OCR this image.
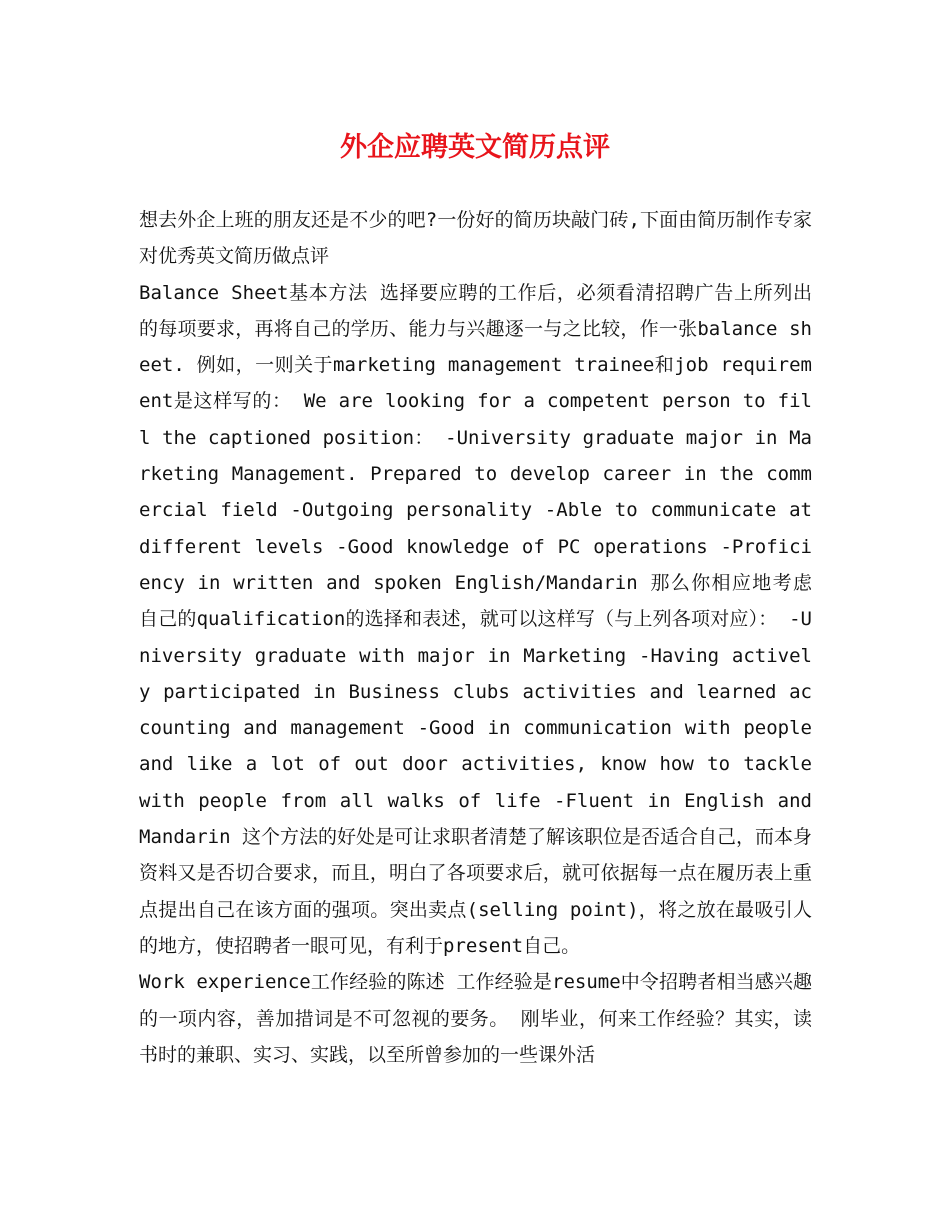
外企应聘英文简历点评

想去外企上班的朋友还是不少的吧?一份好的简历块敲门砖,下面由简历制作专家对优秀英文简历做点评

Balance Sheet基本方法 选择要应聘的工作后，必须看清招聘广告上所列出的每项要求，再将自己的学历、能力与兴趣逐一与之比较，作一张balance sheet. 例如，一则关于marketing management trainee和job requirement是这样写的： We are looking for a competent person to fill the captioned position： -University graduate major in Marketing Management. Prepared to develop career in the commercial field -Outgoing personality -Able to communicate at different levels -Good knowledge of PC operations -Proficiency in written and spoken English/Mandarin 那么你相应地考虑自己的qualification的选择和表述，就可以这样写（与上列各项对应）： -University graduate with major in Marketing -Having actively participated in Business clubs activities and learned accounting and management -Good in communication with people and like a lot of out door activities, know how to tackle with people from all walks of life -Fluent in English and Mandarin 这个方法的好处是可让求职者清楚了解该职位是否适合自己，而本身资料又是否切合要求，而且，明白了各项要求后，就可依据每一点在履历表上重点提出自己在该方面的强项。突出卖点(selling point)，将之放在最吸引人的地方，使招聘者一眼可见，有利于present自己。

Work experience工作经验的陈述 工作经验是resume中令招聘者相当感兴趣的一项内容，善加措词是不可忽视的要务。 刚毕业，何来工作经验？其实，读书时的兼职、实习、实践，以至所曾参加的一些课外活
